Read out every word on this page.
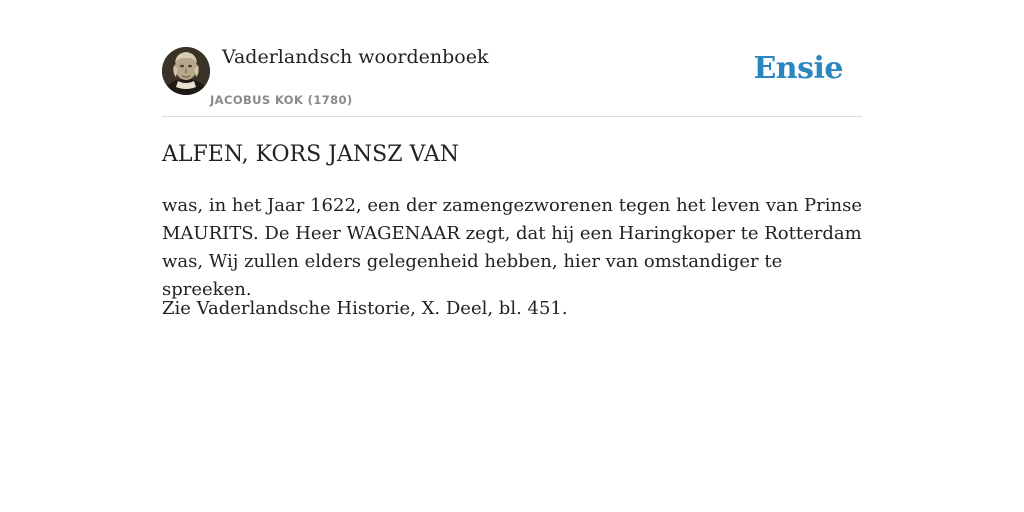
Vaderlandsch woordenboek
JACOBUS KOK (1780)
Ensie
ALFEN, KORS JANSZ VAN

was, in het Jaar 1622, een der zamengezworenen tegen het leven van Prinse MAURITS. De Heer WAGENAAR zegt, dat hij een Haringkoper te Rotterdam was, Wij zullen elders gelegenheid hebben, hier van omstandiger te spreeken.

Zie Vaderlandsche Historie, X. Deel, bl. 451.
